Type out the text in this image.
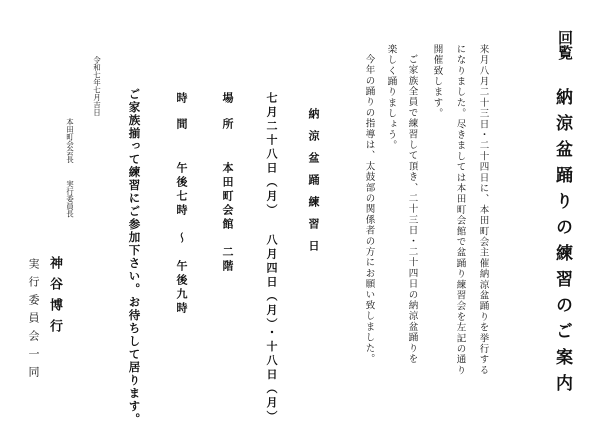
回覧

納涼盆踊りの練習のご案内

来月八月二十三日・二十四日に、本田町会主催納涼盆踊りを挙行する

になりました。尽きましては本田町会館で盆踊り練習会を左記の通り

開催致します。

ご家族全員で練習して頂き、二十三日・二十四日の納涼盆踊りを

楽しく踊りましょう。

今年の踊りの指導は、太鼓部の関係者の方にお願い致しました。

納涼盆踊練習日

七月二十八日（月） 八月四日（月）・十八日（月）

場　所

本田町会館　二階

時　間

午後七時　～　午後九時

ご家族揃って練習にご参加下さい。お待ちして居ります。

令和七年七月吉日

本田町会会長

実行委員長

神谷博行

実行委員会一同
